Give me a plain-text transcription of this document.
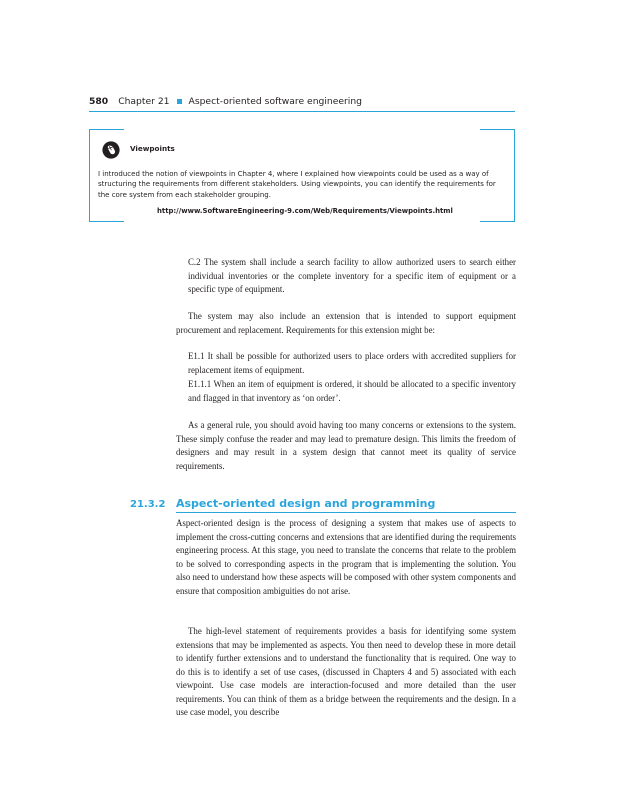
580 Chapter 21 Aspect-oriented software engineering
Viewpoints

I introduced the notion of viewpoints in Chapter 4, where I explained how viewpoints could be used as a way of structuring the requirements from different stakeholders. Using viewpoints, you can identify the requirements for the core system from each stakeholder grouping.

http://www.SoftwareEngineering-9.com/Web/Requirements/Viewpoints.html

C.2 The system shall include a search facility to allow authorized users to search either individual inventories or the complete inventory for a specific item of equipment or a specific type of equipment.

The system may also include an extension that is intended to support equipment procurement and replacement. Requirements for this extension might be:

E1.1 It shall be possible for authorized users to place orders with accredited suppliers for replacement items of equipment.

E1.1.1 When an item of equipment is ordered, it should be allocated to a specific inventory and flagged in that inventory as ‘on order’.

As a general rule, you should avoid having too many concerns or extensions to the system. These simply confuse the reader and may lead to premature design. This limits the freedom of designers and may result in a system design that cannot meet its quality of service requirements.

21.3.2 Aspect-oriented design and programming

Aspect-oriented design is the process of designing a system that makes use of aspects to implement the cross-cutting concerns and extensions that are identified during the requirements engineering process. At this stage, you need to translate the concerns that relate to the problem to be solved to corresponding aspects in the program that is implementing the solution. You also need to understand how these aspects will be composed with other system components and ensure that composition ambiguities do not arise.

The high-level statement of requirements provides a basis for identifying some system extensions that may be implemented as aspects. You then need to develop these in more detail to identify further extensions and to understand the functionality that is required. One way to do this is to identify a set of use cases, (discussed in Chapters 4 and 5) associated with each viewpoint. Use case models are interaction-focused and more detailed than the user requirements. You can think of them as a bridge between the requirements and the design. In a use case model, you describe
